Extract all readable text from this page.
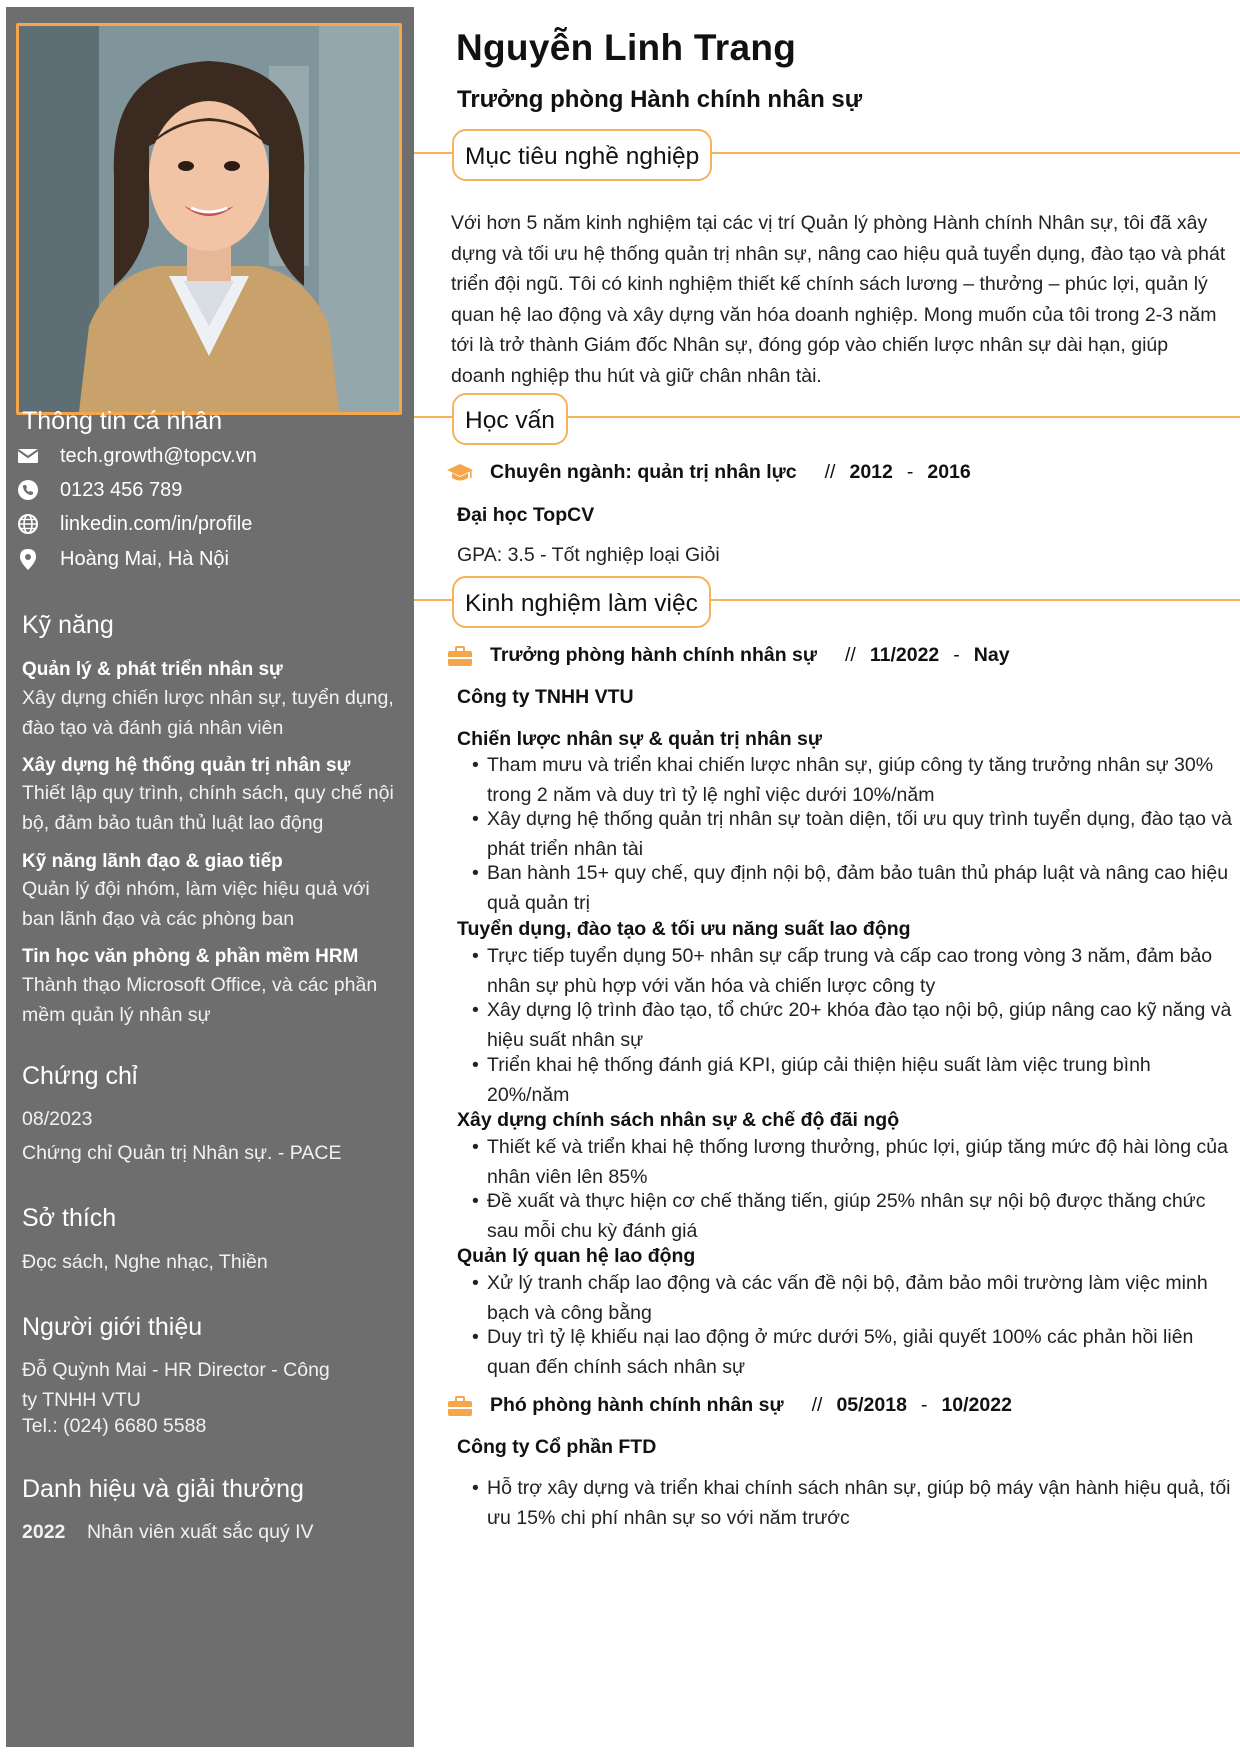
Thông tin cá nhân
tech.growth@topcv.vn
0123 456 789
linkedin.com/in/profile
Hoàng Mai, Hà Nội
Kỹ năng
Quản lý & phát triển nhân sự
Xây dựng chiến lược nhân sự, tuyển dụng, đào tạo và đánh giá nhân viên
Xây dựng hệ thống quản trị nhân sự
Thiết lập quy trình, chính sách, quy chế nội bộ, đảm bảo tuân thủ luật lao động
Kỹ năng lãnh đạo & giao tiếp
Quản lý đội nhóm, làm việc hiệu quả với ban lãnh đạo và các phòng ban
Tin học văn phòng & phần mềm HRM
Thành thạo Microsoft Office, và các phần mềm quản lý nhân sự
Chứng chỉ
08/2023
Chứng chỉ Quản trị Nhân sự. - PACE
Sở thích
Đọc sách, Nghe nhạc, Thiền
Người giới thiệu
Đỗ Quỳnh Mai - HR Director - Công ty TNHH VTU
Tel.: (024) 6680 5588
Danh hiệu và giải thưởng
2022	Nhân viên xuất sắc quý IV
Nguyễn Linh Trang
Trưởng phòng Hành chính nhân sự
Mục tiêu nghề nghiệp
Với hơn 5 năm kinh nghiệm tại các vị trí Quản lý phòng Hành chính Nhân sự, tôi đã xây dựng và tối ưu hệ thống quản trị nhân sự, nâng cao hiệu quả tuyển dụng, đào tạo và phát triển đội ngũ. Tôi có kinh nghiệm thiết kế chính sách lương – thưởng – phúc lợi, quản lý quan hệ lao động và xây dựng văn hóa doanh nghiệp. Mong muốn của tôi trong 2-3 năm tới là trở thành Giám đốc Nhân sự, đóng góp vào chiến lược nhân sự dài hạn, giúp doanh nghiệp thu hút và giữ chân nhân tài.
Học vấn
Chuyên ngành: quản trị nhân lực // 2012 - 2016
Đại học TopCV
GPA: 3.5 - Tốt nghiệp loại Giỏi
Kinh nghiệm làm việc
Trưởng phòng hành chính nhân sự // 11/2022 - Nay
Công ty TNHH VTU
Chiến lược nhân sự & quản trị nhân sự
• Tham mưu và triển khai chiến lược nhân sự, giúp công ty tăng trưởng nhân sự 30% trong 2 năm và duy trì tỷ lệ nghỉ việc dưới 10%/năm
• Xây dựng hệ thống quản trị nhân sự toàn diện, tối ưu quy trình tuyển dụng, đào tạo và phát triển nhân tài
• Ban hành 15+ quy chế, quy định nội bộ, đảm bảo tuân thủ pháp luật và nâng cao hiệu quả quản trị
Tuyển dụng, đào tạo & tối ưu năng suất lao động
• Trực tiếp tuyển dụng 50+ nhân sự cấp trung và cấp cao trong vòng 3 năm, đảm bảo nhân sự phù hợp với văn hóa và chiến lược công ty
• Xây dựng lộ trình đào tạo, tổ chức 20+ khóa đào tạo nội bộ, giúp nâng cao kỹ năng và hiệu suất nhân sự
• Triển khai hệ thống đánh giá KPI, giúp cải thiện hiệu suất làm việc trung bình 20%/năm
Xây dựng chính sách nhân sự & chế độ đãi ngộ
• Thiết kế và triển khai hệ thống lương thưởng, phúc lợi, giúp tăng mức độ hài lòng của nhân viên lên 85%
• Đề xuất và thực hiện cơ chế thăng tiến, giúp 25% nhân sự nội bộ được thăng chức sau mỗi chu kỳ đánh giá
Quản lý quan hệ lao động
• Xử lý tranh chấp lao động và các vấn đề nội bộ, đảm bảo môi trường làm việc minh bạch và công bằng
• Duy trì tỷ lệ khiếu nại lao động ở mức dưới 5%, giải quyết 100% các phản hồi liên quan đến chính sách nhân sự
Phó phòng hành chính nhân sự // 05/2018 - 10/2022
Công ty Cổ phần FTD
• Hỗ trợ xây dựng và triển khai chính sách nhân sự, giúp bộ máy vận hành hiệu quả, tối ưu 15% chi phí nhân sự so với năm trước
